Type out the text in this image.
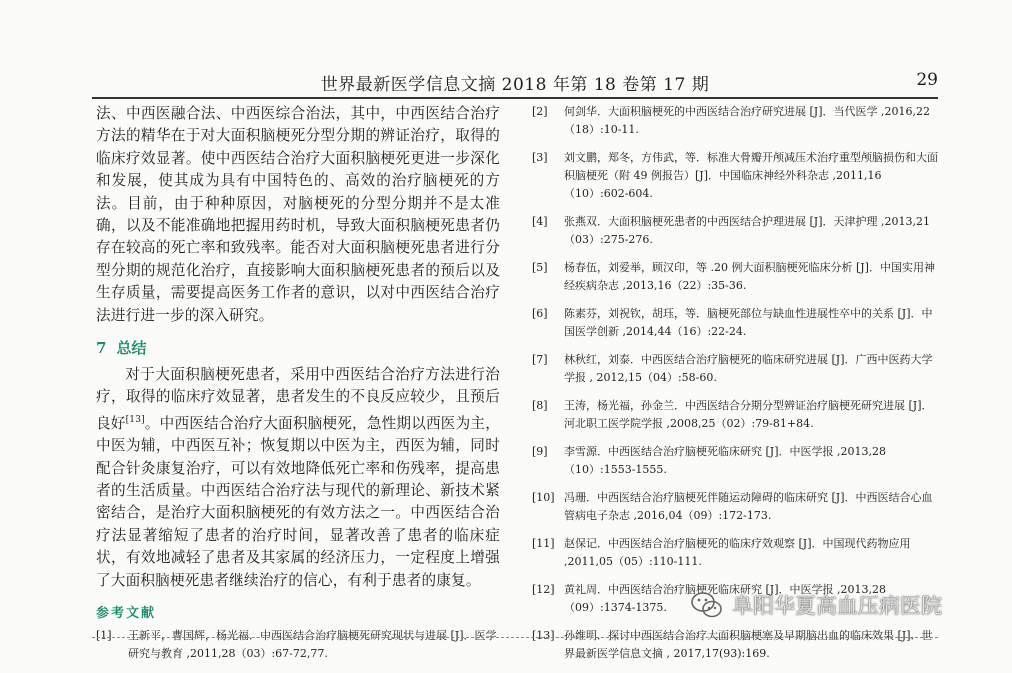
世界最新医学信息文摘 2018 年第 18 卷第 17 期	29

法、中西医融合法、中西医综合治法，其中，中西医结合治疗方法的精华在于对大面积脑梗死分型分期的辨证治疗，取得的临床疗效显著。使中西医结合治疗大面积脑梗死更进一步深化和发展，使其成为具有中国特色的、高效的治疗脑梗死的方法。目前，由于种种原因，对脑梗死的分型分期并不是太准确，以及不能准确地把握用药时机，导致大面积脑梗死患者仍存在较高的死亡率和致残率。能否对大面积脑梗死患者进行分型分期的规范化治疗，直接影响大面积脑梗死患者的预后以及生存质量，需要提高医务工作者的意识，以对中西医结合治疗法进行进一步的深入研究。

7 总结

对于大面积脑梗死患者，采用中西医结合治疗方法进行治疗，取得的临床疗效显著，患者发生的不良反应较少，且预后良好[13]。中西医结合治疗大面积脑梗死，急性期以西医为主，中医为辅，中西医互补；恢复期以中医为主，西医为辅，同时配合针灸康复治疗，可以有效地降低死亡率和伤残率，提高患者的生活质量。中西医结合治疗法与现代的新理论、新技术紧密结合，是治疗大面积脑梗死的有效方法之一。中西医结合治疗法显著缩短了患者的治疗时间，显著改善了患者的临床症状，有效地减轻了患者及其家属的经济压力，一定程度上增强了大面积脑梗死患者继续治疗的信心，有利于患者的康复。

参考文献
[1]	王新平，曹国辉，杨光福．中西医结合治疗脑梗死研究现状与进展 [J]．医学研究与教育 ,2011,28（03）:67-72,77.
[2]	何剑华．大面积脑梗死的中西医结合治疗研究进展 [J]．当代医学 ,2016,22（18）:10-11.
[3]	刘文鹏，郑冬，方伟武，等．标准大骨瓣开颅减压术治疗重型颅脑损伤和大面积脑梗死（附 49 例报告）[J]．中国临床神经外科杂志 ,2011,16（10）:602-604.
[4]	张燕双．大面积脑梗死患者的中西医结合护理进展 [J]．天津护理 ,2013,21（03）:275-276.
[5]	杨春伍，刘爱举，顾汉印，等 .20 例大面积脑梗死临床分析 [J]．中国实用神经疾病杂志 ,2013,16（22）:35-36.
[6]	陈素芬，刘祝钦，胡珏，等．脑梗死部位与缺血性进展性卒中的关系 [J]．中国医学创新 ,2014,44（16）:22-24.
[7]	林秋红，刘泰．中西医结合治疗脑梗死的临床研究进展 [J]．广西中医药大学学报 , 2012,15（04）:58-60.
[8]	王涛，杨光福，孙金兰．中西医结合分期分型辨证治疗脑梗死研究进展 [J]．河北职工医学院学报 ,2008,25（02）:79-81+84.
[9]	李雪源．中西医结合治疗脑梗死临床研究 [J]．中医学报 ,2013,28（10）:1553-1555.
[10] 冯珊．中西医结合治疗脑梗死伴随运动障碍的临床研究 [J]．中西医结合心血管病电子杂志 ,2016,04（09）:172-173.
[11] 赵保记．中西医结合治疗脑梗死的临床疗效观察 [J]．中国现代药物应用 ,2011,05（05）:110-111.
[12] 黄礼周．中西医结合治疗脑梗死临床研究 [J]．中医学报 ,2013,28（09）:1374-1375.
[13] 孙维明．探讨中西医结合治疗大面积脑梗塞及早期脑出血的临床效果 [J]．世界最新医学信息文摘 , 2017,17(93):169.
阜阳华夏高血压病医院
